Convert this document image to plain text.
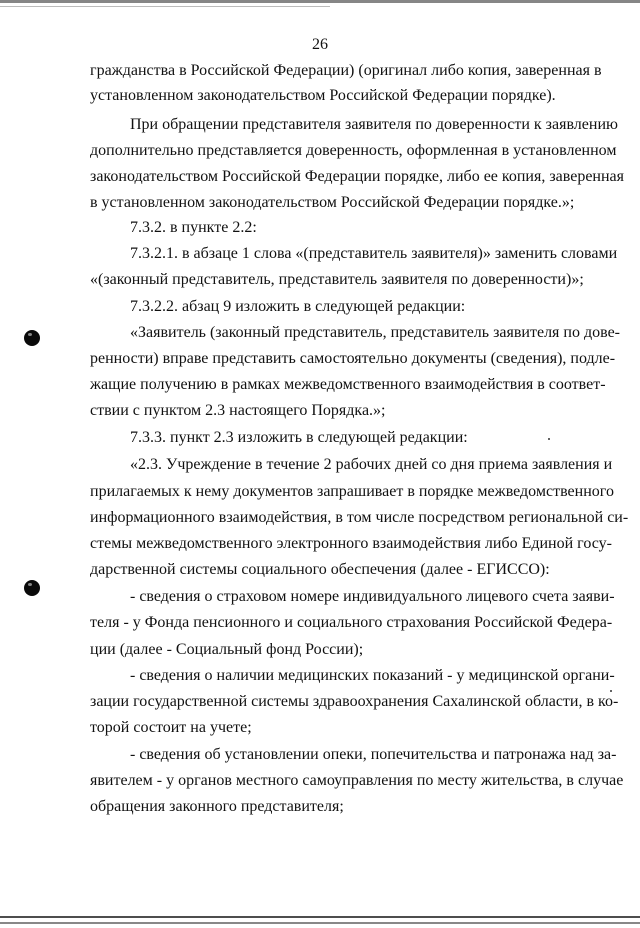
26
гражданства в Российской Федерации) (оригинал либо копия, заверенная в
установленном законодательством Российской Федерации порядке).
При обращении представителя заявителя по доверенности к заявлению
дополнительно представляется доверенность, оформленная в установленном
законодательством Российской Федерации порядке, либо ее копия, заверенная
в установленном законодательством Российской Федерации порядке.»;
7.3.2. в пункте 2.2:
7.3.2.1. в абзаце 1 слова «(представитель заявителя)» заменить словами
«(законный представитель, представитель заявителя по доверенности)»;
7.3.2.2. абзац 9 изложить в следующей редакции:
«Заявитель (законный представитель, представитель заявителя по дове-
ренности) вправе представить самостоятельно документы (сведения), подле-
жащие получению в рамках межведомственного взаимодействия в соответ-
ствии с пунктом 2.3 настоящего Порядка.»;
7.3.3. пункт 2.3 изложить в следующей редакции:
«2.3. Учреждение в течение 2 рабочих дней со дня приема заявления и
прилагаемых к нему документов запрашивает в порядке межведомственного
информационного взаимодействия, в том числе посредством региональной си-
стемы межведомственного электронного взаимодействия либо Единой госу-
дарственной системы социального обеспечения (далее - ЕГИССО):
- сведения о страховом номере индивидуального лицевого счета заяви-
теля - у Фонда пенсионного и социального страхования Российской Федера-
ции (далее - Социальный фонд России);
- сведения о наличии медицинских показаний - у медицинской органи-
зации государственной системы здравоохранения Сахалинской области, в ко-
торой состоит на учете;
- сведения об установлении опеки, попечительства и патронажа над за-
явителем - у органов местного самоуправления по месту жительства, в случае
обращения законного представителя;
